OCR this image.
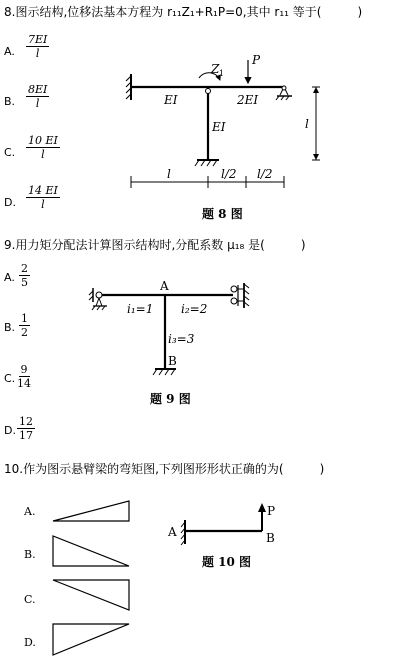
8.图示结构,位移法基本方程为 r₁₁Z₁+R₁P=0,其中 r₁₁ 等于(　　　)
A. $\frac{7EI}{l}$
B. $\frac{8EI}{l}$
C. $\frac{10 EI}{l}$
D. $\frac{14 EI}{l}$
题 8 图
9.用力矩分配法计算图示结构时,分配系数 μ₁₈ 是(　　　)
A. $\frac{2}{5}$
B. $\frac{1}{2}$
C. $\frac{9}{14}$
D. $\frac{12}{17}$
题 9 图
10.作为图示悬臂梁的弯矩图,下列图形形状正确的为(　　　)
A.
B.
C.
D.
题 10 图
EI	2EI
EI
Z 1
P
l
l	l/2 l/2
A
B
i₁=1 i₂=2
i₃=3
A	B
P
